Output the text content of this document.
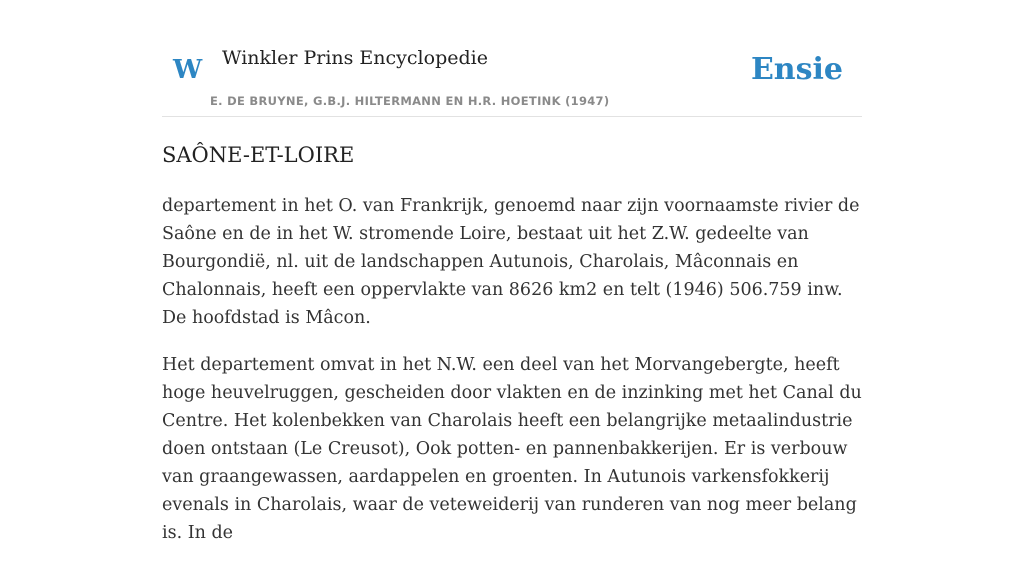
W Winkler Prins Encyclopedie
E. DE BRUYNE, G.B.J. HILTERMANN EN H.R. HOETINK (1947)
Ensie
SAÔNE-ET-LOIRE

departement in het O. van Frankrijk, genoemd naar zijn voornaamste rivier de Saône en de in het W. stromende Loire, bestaat uit het Z.W. gedeelte van Bourgondië, nl. uit de landschappen Autunois, Charolais, Mâconnais en Chalonnais, heeft een oppervlakte van 8626 km2 en telt (1946) 506.759 inw. De hoofdstad is Mâcon.

Het departement omvat in het N.W. een deel van het Morvangebergte, heeft hoge heuvelruggen, gescheiden door vlakten en de inzinking met het Canal du Centre. Het kolenbekken van Charolais heeft een belangrijke metaalindustrie doen ontstaan (Le Creusot), Ook potten- en pannenbakkerijen. Er is verbouw van graangewassen, aardappelen en groenten. In Autunois varkensfokkerij evenals in Charolais, waar de veteweiderij van runderen van nog meer belang is. In de
